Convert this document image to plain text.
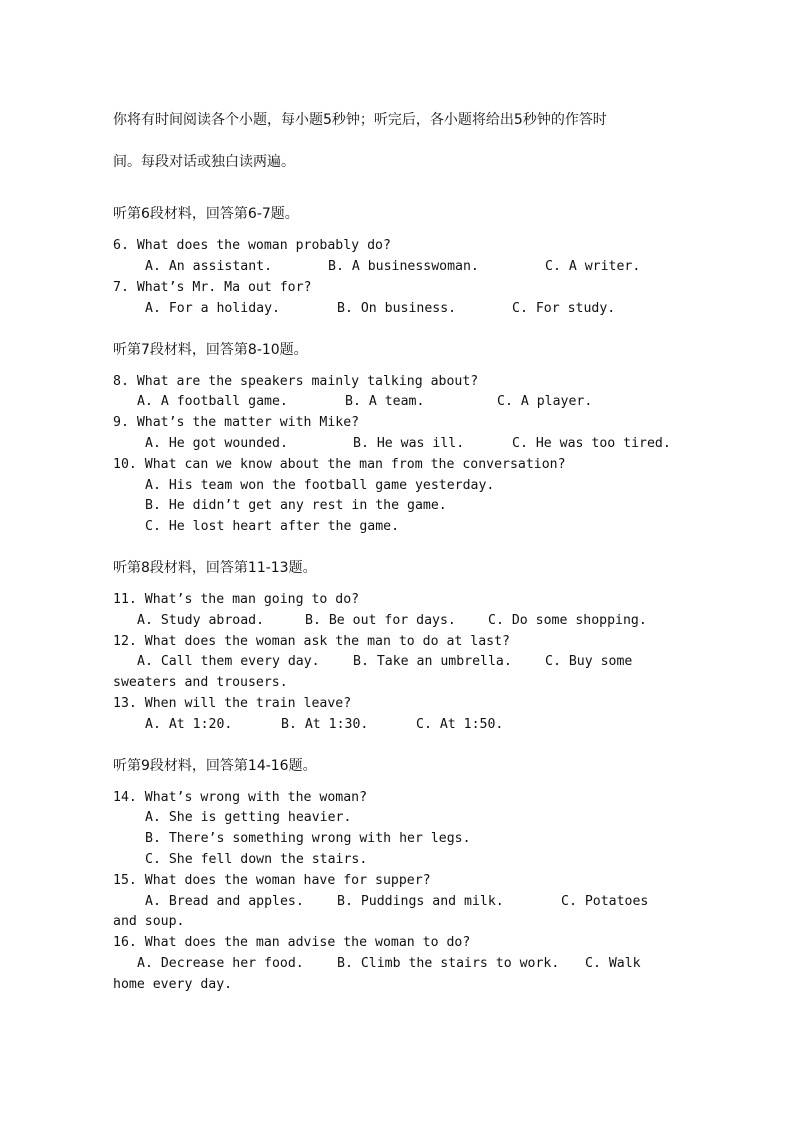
你将有时间阅读各个小题，每小题5秒钟；听完后，各小题将给出5秒钟的作答时
间。每段对话或独白读两遍。
听第6段材料，回答第6-7题。
6. What does the woman probably do?
A. An assistant.	B. A businesswoman.	C. A writer.
7. What’s Mr. Ma out for?
A. For a holiday.	B. On business.	C. For study.
听第7段材料，回答第8-10题。
8. What are the speakers mainly talking about?
A. A football game.	B. A team.	C. A player.
9. What’s the matter with Mike?
A. He got wounded.	B. He was ill.	C. He was too tired.
10. What can we know about the man from the conversation?
A. His team won the football game yesterday.
B. He didn’t get any rest in the game.
C. He lost heart after the game.
听第8段材料，回答第11-13题。
11. What’s the man going to do?
A. Study abroad.	B. Be out for days. C. Do some shopping.
12. What does the woman ask the man to do at last?
A. Call them every day.	B. Take an umbrella.	C. Buy some
sweaters and trousers.
13. When will the train leave?
A. At 1:20.	B. At 1:30.	C. At 1:50.
听第9段材料，回答第14-16题。
14. What’s wrong with the woman?
A. She is getting heavier.
B. There’s something wrong with her legs.
C. She fell down the stairs.
15. What does the woman have for supper?
A. Bread and apples.	B. Puddings and milk.	C. Potatoes
and soup.
16. What does the man advise the woman to do?
A. Decrease her food.	B. Climb the stairs to work. C. Walk
home every day.
